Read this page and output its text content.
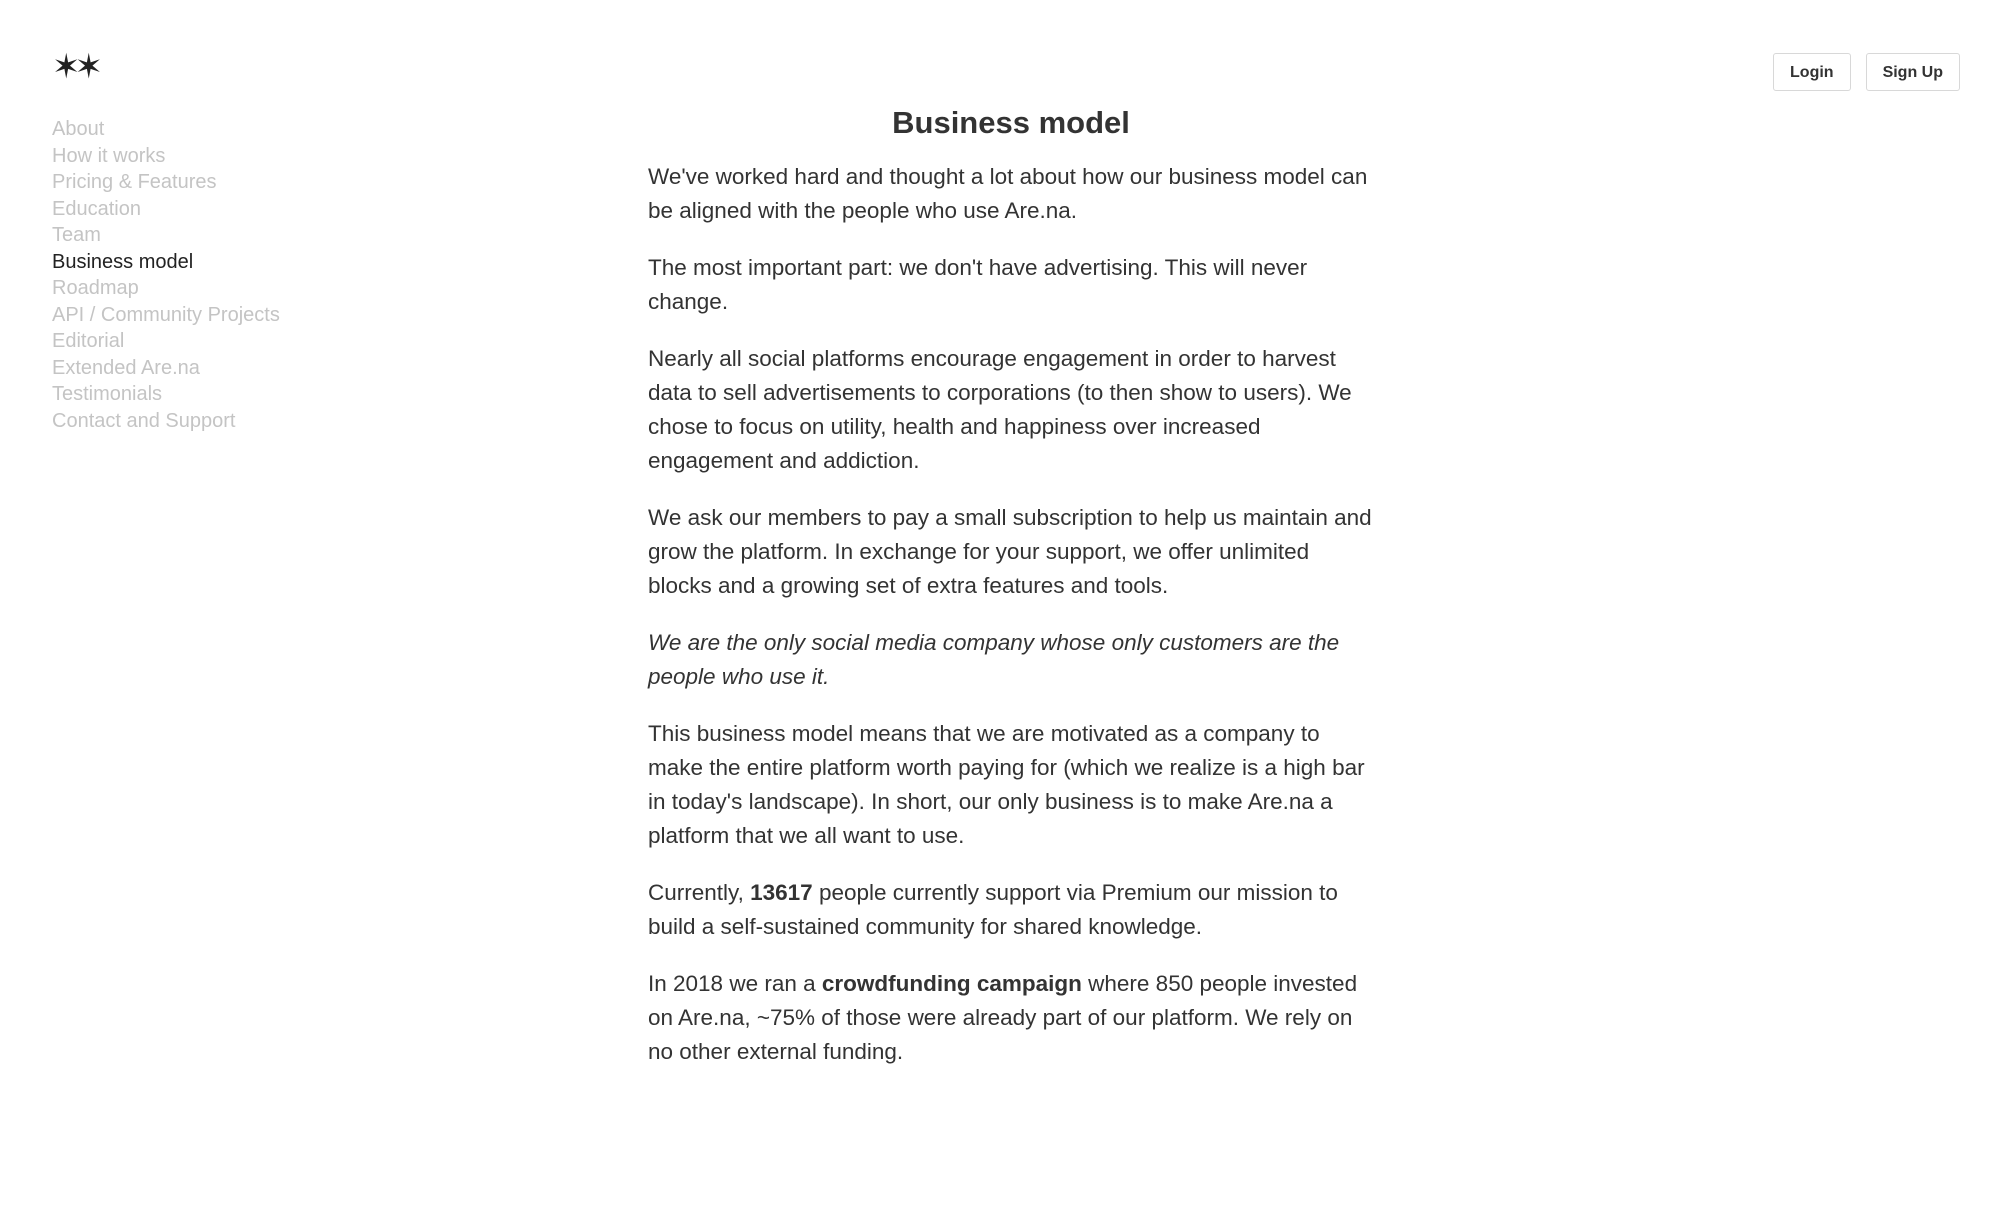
✶✶	Login	Sign Up
About
How it works
Pricing & Features
Education
Team
Business model
Roadmap
API / Community Projects
Editorial
Extended Are.na
Testimonials
Contact and Support
Business model

We've worked hard and thought a lot about how our business model can be aligned with the people who use Are.na.

The most important part: we don't have advertising. This will never change.

Nearly all social platforms encourage engagement in order to harvest data to sell advertisements to corporations (to then show to users). We chose to focus on utility, health and happiness over increased engagement and addiction.

We ask our members to pay a small subscription to help us maintain and grow the platform. In exchange for your support, we offer unlimited blocks and a growing set of extra features and tools.

We are the only social media company whose only customers are the people who use it.

This business model means that we are motivated as a company to make the entire platform worth paying for (which we realize is a high bar in today's landscape). In short, our only business is to make Are.na a platform that we all want to use.

Currently, 13617 people currently support via Premium our mission to build a self-sustained community for shared knowledge.

In 2018 we ran a crowdfunding campaign where 850 people invested on Are.na, ~75% of those were already part of our platform. We rely on no other external funding.
